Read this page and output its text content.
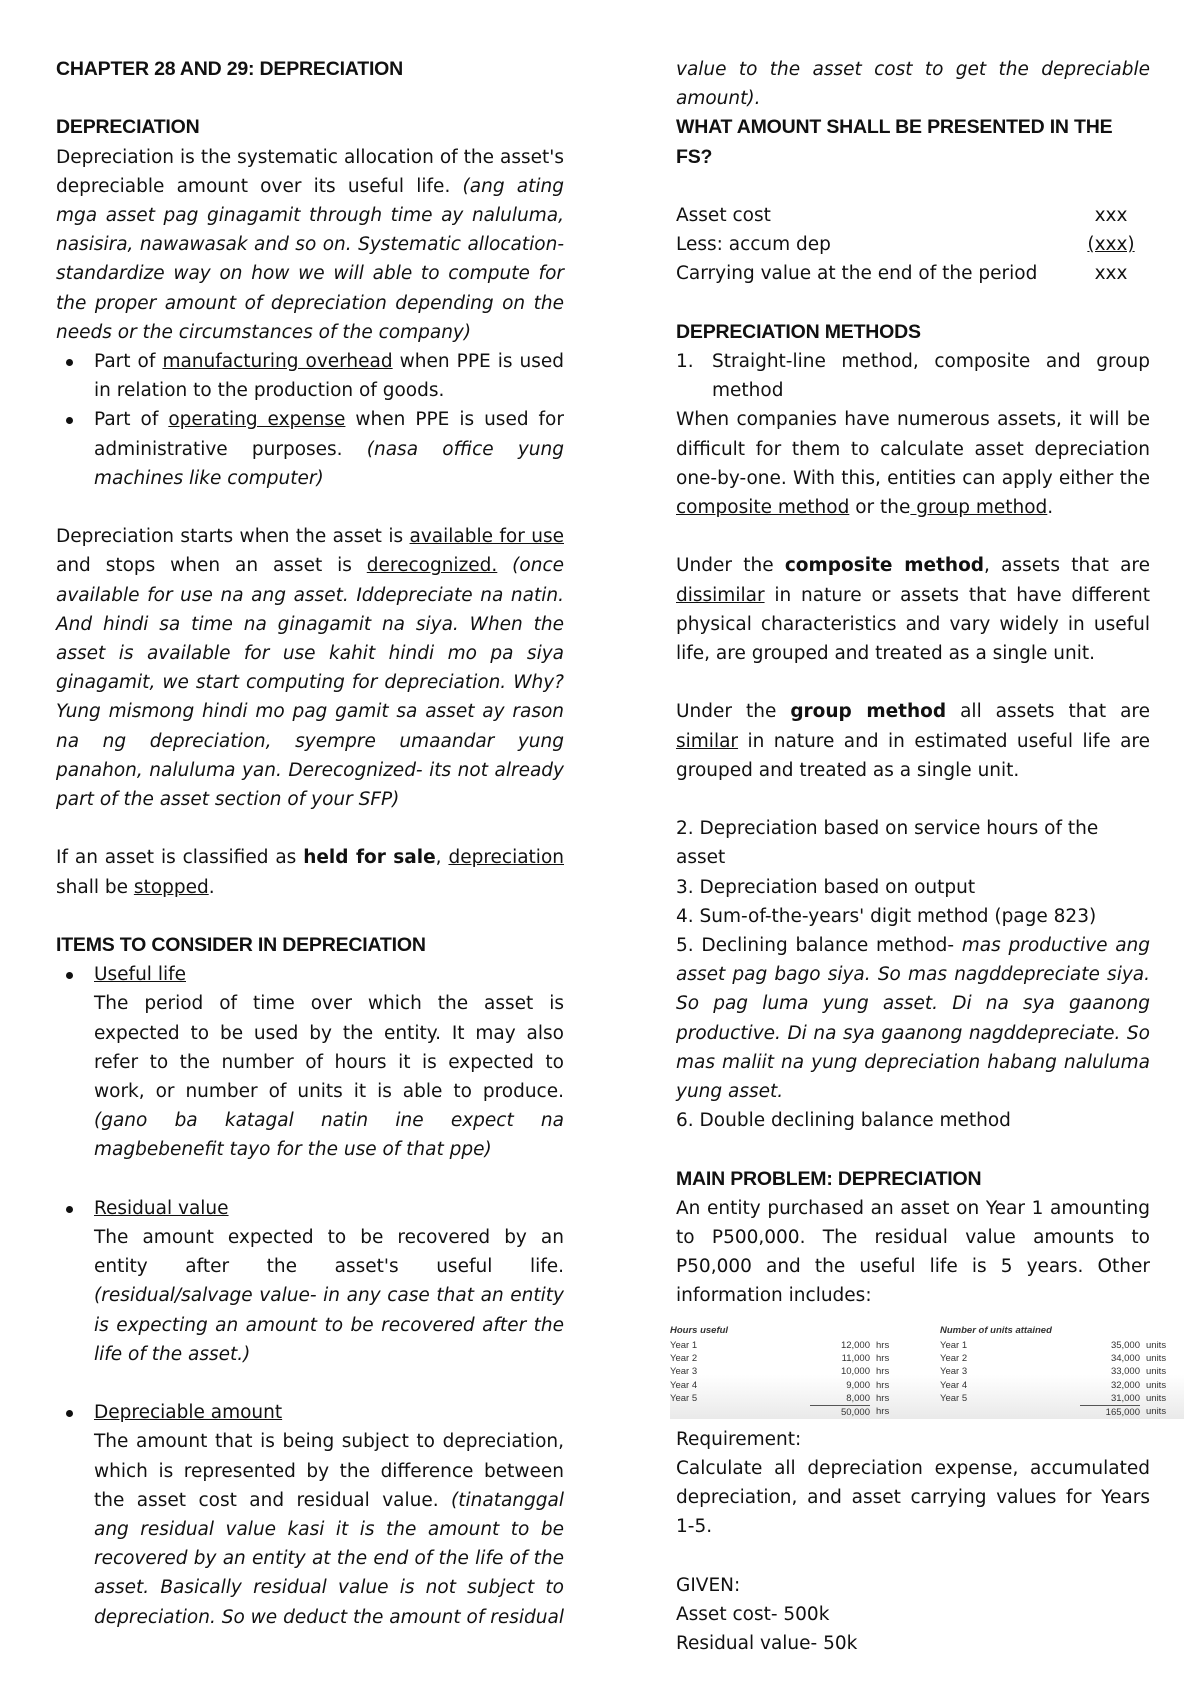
CHAPTER 28 AND 29: DEPRECIATION
DEPRECIATION

Depreciation is the systematic allocation of the asset's depreciable amount over its useful life. (ang ating mga asset pag ginagamit through time ay naluluma, nasisira, nawawasak and so on. Systematic allocation- standardize way on how we will able to compute for the proper amount of depreciation depending on the needs or the circumstances of the company)

Part of manufacturing overhead when PPE is used in relation to the production of goods.
Part of operating expense when PPE is used for administrative purposes. (nasa office yung machines like computer)

Depreciation starts when the asset is available for use and stops when an asset is derecognized. (once available for use na ang asset. Iddepreciate na natin. And hindi sa time na ginagamit na siya. When the asset is available for use kahit hindi mo pa siya ginagamit, we start computing for depreciation. Why? Yung mismong hindi mo pag gamit sa asset ay rason na ng depreciation, syempre umaandar yung panahon, naluluma yan. Derecognized- its not already part of the asset section of your SFP)

If an asset is classified as held for sale, depreciation shall be stopped.

ITEMS TO CONSIDER IN DEPRECIATION
Useful life

The period of time over which the asset is expected to be used by the entity. It may also refer to the number of hours it is expected to work, or number of units it is able to produce. (gano ba katagal natin ine expect na magbebenefit tayo for the use of that ppe)

Residual value

The amount expected to be recovered by an entity after the asset's useful life. (residual/salvage value- in any case that an entity is expecting an amount to be recovered after the life of the asset.)

Depreciable amount

The amount that is being subject to depreciation, which is represented by the difference between the asset cost and residual value. (tinatanggal ang residual value kasi it is the amount to be recovered by an entity at the end of the life of the asset. Basically residual value is not subject to depreciation. So we deduct the amount of residual

value to the asset cost to get the depreciable amount).

WHAT AMOUNT SHALL BE PRESENTED IN THE FS?
Asset cost	xxx
Less: accum dep	(xxx)
Carrying value at the end of the period	xxx
DEPRECIATION METHODS
1. Straight-line method, composite and group method

When companies have numerous assets, it will be difficult for them to calculate asset depreciation one-by-one. With this, entities can apply either the composite method or the group method.

Under the composite method, assets that are dissimilar in nature or assets that have different physical characteristics and vary widely in useful life, are grouped and treated as a single unit.

Under the group method all assets that are similar in nature and in estimated useful life are grouped and treated as a single unit.

2. Depreciation based on service hours of the asset

3. Depreciation based on output

4. Sum-of-the-years' digit method (page 823)

5. Declining balance method- mas productive ang asset pag bago siya. So mas nagddepreciate siya. So pag luma yung asset. Di na sya gaanong productive. Di na sya gaanong nagddepreciate. So mas maliit na yung depreciation habang naluluma yung asset.

6. Double declining balance method

MAIN PROBLEM: DEPRECIATION

An entity purchased an asset on Year 1 amounting to P500,000. The residual value amounts to P50,000 and the useful life is 5 years. Other information includes:

Hours useful
Year 1	12,000 hrs
Year 2	11,000 hrs
Year 3	10,000 hrs
Year 4	9,000 hrs
Year 5	8,000 hrs
50,000 hrs
Number of units attained
Year 1	35,000 units
Year 2	34,000 units
Year 3	33,000 units
Year 4	32,000 units
Year 5	31,000 units
165,000 units

Requirement:

Calculate all depreciation expense, accumulated depreciation, and asset carrying values for Years 1-5.

GIVEN:

Asset cost- 500k

Residual value- 50k
